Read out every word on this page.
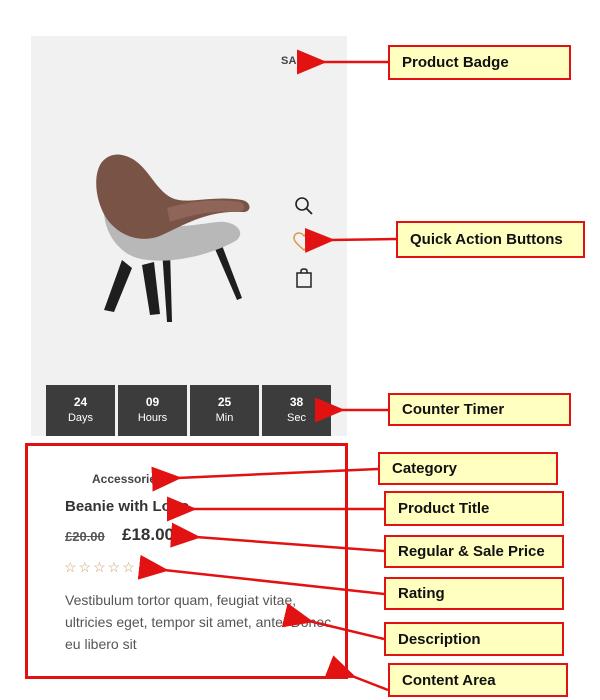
SALE!
24
Days
09
Hours
25
Min
38
Sec
Accessories
Beanie with Logo
£20.00 £18.00
☆☆☆☆☆
Vestibulum tortor quam, feugiat vitae, ultricies eget, tempor sit amet, ante. Donec eu libero sit
Product Badge
Quick Action Buttons
Counter Timer
Category
Product Title
Regular & Sale Price
Rating
Description
Content Area
